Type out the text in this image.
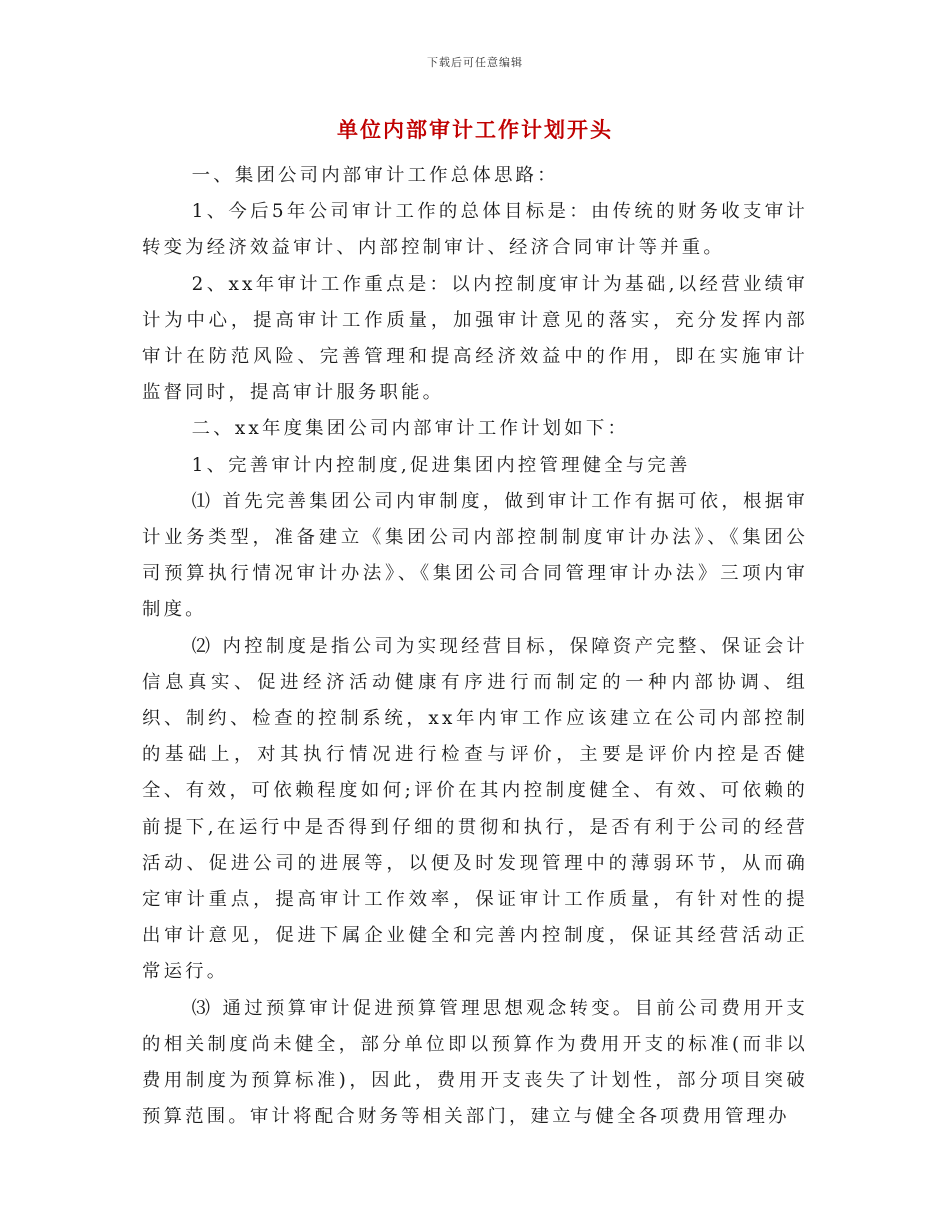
下载后可任意编辑
单位内部审计工作计划开头

一、集团公司内部审计工作总体思路：

1、今后5年公司审计工作的总体目标是：由传统的财务收支审计转变为经济效益审计、内部控制审计、经济合同审计等并重。

2、xx年审计工作重点是：以内控制度审计为基础,以经营业绩审计为中心，提高审计工作质量，加强审计意见的落实，充分发挥内部审计在防范风险、完善管理和提高经济效益中的作用，即在实施审计监督同时，提高审计服务职能。

二、xx年度集团公司内部审计工作计划如下：

1、完善审计内控制度,促进集团内控管理健全与完善

⑴ 首先完善集团公司内审制度，做到审计工作有据可依，根据审计业务类型，准备建立《集团公司内部控制制度审计办法》、《集团公司预算执行情况审计办法》、《集团公司合同管理审计办法》三项内审制度。

⑵ 内控制度是指公司为实现经营目标，保障资产完整、保证会计信息真实、促进经济活动健康有序进行而制定的一种内部协调、组织、制约、检查的控制系统，xx年内审工作应该建立在公司内部控制的基础上，对其执行情况进行检查与评价，主要是评价内控是否健全、有效，可依赖程度如何;评价在其内控制度健全、有效、可依赖的前提下,在运行中是否得到仔细的贯彻和执行，是否有利于公司的经营活动、促进公司的进展等，以便及时发现管理中的薄弱环节，从而确定审计重点，提高审计工作效率，保证审计工作质量，有针对性的提出审计意见，促进下属企业健全和完善内控制度，保证其经营活动正常运行。

⑶ 通过预算审计促进预算管理思想观念转变。目前公司费用开支的相关制度尚未健全，部分单位即以预算作为费用开支的标准(而非以费用制度为预算标准)，因此，费用开支丧失了计划性，部分项目突破预算范围。审计将配合财务等相关部门，建立与健全各项费用管理办
